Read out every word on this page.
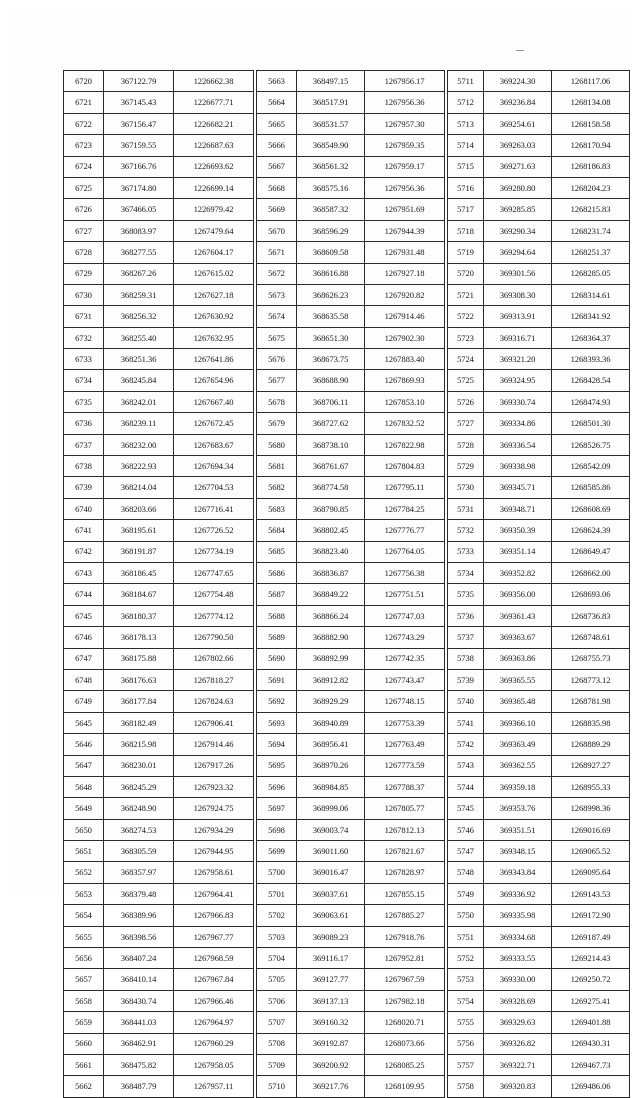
6720	367122.79	1226662.38
6721	367145.43	1226677.71
6722	367156.47	1226682.21
6723	367159.55	1226687.63
6724	367166.76	1226693.62
6725	367174.80	1226699.14
6726	367466.05	1226979.42
6727	368083.97	1267479.64
6728	368277.55	1267604.17
6729	368267.26	1267615.02
6730	368259.31	1267627.18
6731	368256.32	1267630.92
6732	368255.40	1267632.95
6733	368251.36	1267641.86
6734	368245.84	1267654.96
6735	368242.01	1267667.40
6736	368239.11	1267672.45
6737	368232.00	1267683.67
6738	368222.93	1267694.34
6739	368214.04	1267704.53
6740	368203.66	1267716.41
6741	368195.61	1267726.52
6742	368191.87	1267734.19
6743	368186.45	1267747.65
6744	368184.67	1267754.48
6745	368180.37	1267774.12
6746	368178.13	1267790.50
6747	368175.88	1267802.66
6748	368176.63	1267818.27
6749	368177.84	1267824.63
5645	368182.49	1267906.41
5646	368215.98	1267914.46
5647	368230.01	1267917.26
5648	368245.29	1267923.32
5649	368248.90	1267924.75
5650	368274.53	1267934.29
5651	368305.59	1267944.95
5652	368357.97	1267958.61
5653	368379.48	1267964.41
5654	368389.96	1267966.83
5655	368398.56	1267967.77
5656	368407.24	1267968.59
5657	368410.14	1267967.84
5658	368430.74	1267966.46
5659	368441.03	1267964.97
5660	368462.91	1267960.29
5661	368475.82	1267958.05
5662	368487.79	1267957.11
5663	368497.15	1267956.17
5664	368517.91	1267956.36
5665	368531.57	1267957.30
5666	368549.90	1267959.35
5667	368561.32	1267959.17
5668	368575.16	1267956.36
5669	368587.32	1267951.69
5670	368596.29	1267944.39
5671	368609.58	1267931.48
5672	368616.88	1267927.18
5673	368626.23	1267920.82
5674	368635.58	1267914.46
5675	368651.30	1267902.30
5676	368673.75	1267883.40
5677	368688.90	1267869.93
5678	368706.11	1267853.10
5679	368727.62	1267832.52
5680	368738.10	1267822.98
5681	368761.67	1267804.83
5682	368774.58	1267795.11
5683	368790.85	1267784.25
5684	368802.45	1267776.77
5685	368823.40	1267764.05
5686	368836.87	1267756.38
5687	368849.22	1267751.51
5688	368866.24	1267747.03
5689	368882.90	1267743.29
5690	368892.99	1267742.35
5691	368912.82	1267743.47
5692	368929.29	1267748.15
5693	368940.89	1267753.39
5694	368956.41	1267763.49
5695	368970.26	1267773.59
5696	368984.85	1267788.37
5697	368999.06	1267805.77
5698	369003.74	1267812.13
5699	369011.60	1267821.67
5700	369016.47	1267828.97
5701	369037.61	1267855.15
5702	369063.61	1267885.27
5703	369089.23	1267918.76
5704	369116.17	1267952.81
5705	369127.77	1267967.59
5706	369137.13	1267982.18
5707	369160.32	1268020.71
5708	369192.87	1268073.66
5709	369200.92	1268085.25
5710	369217.76	1268109.95
5711	369224.30	1268117.06
5712	369236.84	1268134.08
5713	369254.61	1268158.58
5714	369263.03	1268170.94
5715	369271.63	1268186.83
5716	369280.80	1268204.23
5717	369285.85	1268215.83
5718	369290.34	1268231.74
5719	369294.64	1268251.37
5720	369301.56	1268285.05
5721	369308.30	1268314.61
5722	369313.91	1268341.92
5723	369316.71	1268364.37
5724	369321.20	1268393.36
5725	369324.95	1268428.54
5726	369330.74	1268474.93
5727	369334.86	1268501.30
5728	369336.54	1268526.75
5729	369338.98	1268542.09
5730	369345.71	1268585.86
5731	369348.71	1268608.69
5732	369350.39	1268624.39
5733	369351.14	1268649.47
5734	369352.82	1268662.00
5735	369356.00	1268693.06
5736	369361.43	1268736.83
5737	369363.67	1268748.61
5738	369363.86	1268755.73
5739	369365.55	1268773.12
5740	369365.48	1268781.98
5741	369366.10	1268835.98
5742	369363.49	1268889.29
5743	369362.55	1268927.27
5744	369359.18	1268955.33
5745	369353.76	1268998.36
5746	369351.51	1269016.69
5747	369348.15	1269065.52
5748	369343.84	1269095.64
5749	369336.92	1269143.53
5750	369335.98	1269172.90
5751	369334.68	1269187.49
5752	369333.55	1269214.43
5753	369330.00	1269250.72
5754	369328.69	1269275.41
5755	369329.63	1269401.88
5756	369326.82	1269430.31
5757	369322.71	1269467.73
5758	369320.83	1269486.06
